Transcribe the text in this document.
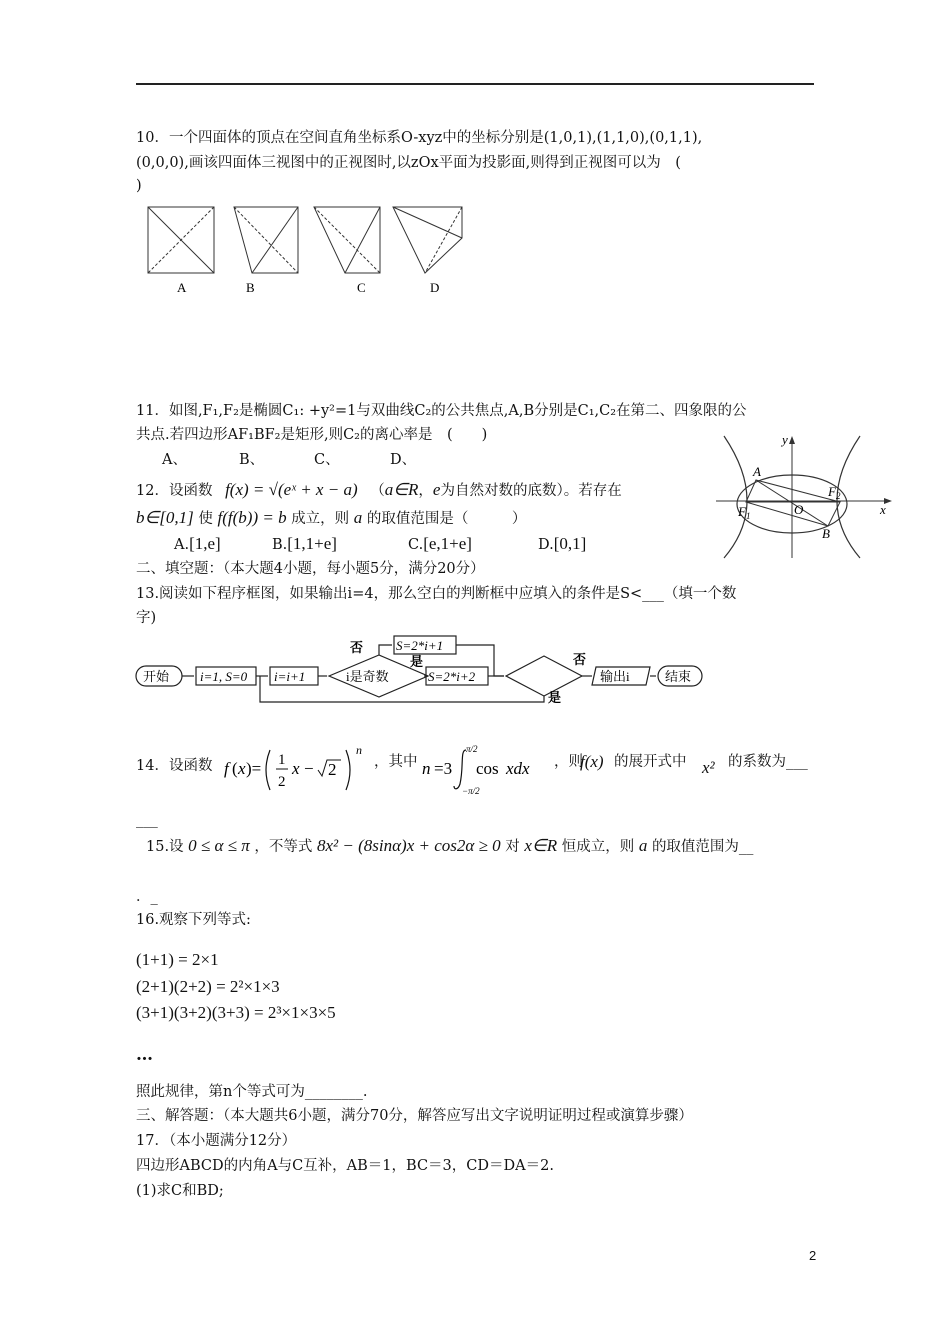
10．一个四面体的顶点在空间直角坐标系O-xyz中的坐标分别是(1,0,1),(1,1,0),(0,1,1),
(0,0,0),画该四面体三视图中的正视图时,以zOx平面为投影面,则得到正视图可以为　(
)
A	B	C	D
11．如图,F₁,F₂是椭圆C₁: +y²=1与双曲线C₂的公共焦点,A,B分别是C₁,C₂在第二、四象限的公
共点.若四边形AF₁BF₂是矩形,则C₂的离心率是　(　　)
A、	B、	C、	D、
y
x
A
B
O
$F_1$
$F_2$
12．设函数 f(x) = √(eˣ + x − a) （a∈R，e为自然对数的底数）。若存在
b∈[0,1] 使 f(f(b)) = b 成立，则 a 的取值范围是（　　　）
A.[1,e]	B.[1,1+e]	C.[e,1+e]	D.[0,1]
二、填空题：（本大题4小题，每小题5分，满分20分）
13.阅读如下程序框图，如果输出i=4，那么空白的判断框中应填入的条件是S<___（填一个数
字)
开始 i=1, S=0 i=i+1	i是奇数	S=2*i+2
S=2*i+1
是
否
否
是
输出i	结束
14．设函数 f ( x )= 1
2
x − 2
n
，其中 n =3
π/2
−π/2
cos xdx ，则
f(x) 的展开式中 x² 的系数为___
___
15.设 0 ≤ α ≤ π ，不等式 8x² − (8sinα)x + cos2α ≥ 0 对 x∈R 恒成立，则 a 的取值范围为__
．_
16.观察下列等式:
(1+1) = 2×1
(2+1)(2+2) = 2²×1×3
(3+1)(3+2)(3+3) = 2³×1×3×5
…
照此规律，第n个等式可为________.
三、解答题：（本大题共6小题，满分70分，解答应写出文字说明证明过程或演算步骤）
17．（本小题满分12分）
四边形ABCD的内角A与C互补，AB＝1，BC＝3，CD＝DA＝2.
(1)求C和BD;
2
